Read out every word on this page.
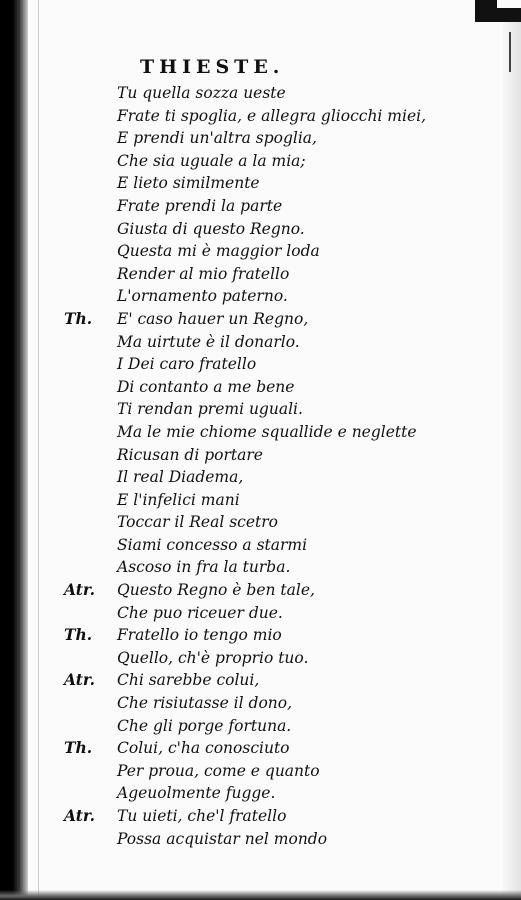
THIESTE.
Tu quella sozza ueste
Frate ti spoglia, e allegra gliocchi miei,
E prendi un'altra spoglia,
Che sia uguale a la mia;
E lieto similmente
Frate prendi la parte
Giusta di questo Regno.
Questa mi è maggior loda
Render al mio fratello
L'ornamento paterno.
Th. E' caso hauer un Regno,
Ma uirtute è il donarlo.
I Dei caro fratello
Di contanto a me bene
Ti rendan premi uguali.
Ma le mie chiome squallide e neglette
Ricusan di portare
Il real Diadema,
E l'infelici mani
Toccar il Real scetro
Siami concesso a starmi
Ascoso in fra la turba.
Atr. Questo Regno è ben tale,
Che puo riceuer due.
Th. Fratello io tengo mio
Quello, ch'è proprio tuo.
Atr. Chi sarebbe colui,
Che risiutasse il dono,
Che gli porge fortuna.
Th. Colui, c'ha conosciuto
Per proua, come e quanto
Ageuolmente fugge.
Atr. Tu uieti, che'l fratello
Possa acquistar nel mondo
